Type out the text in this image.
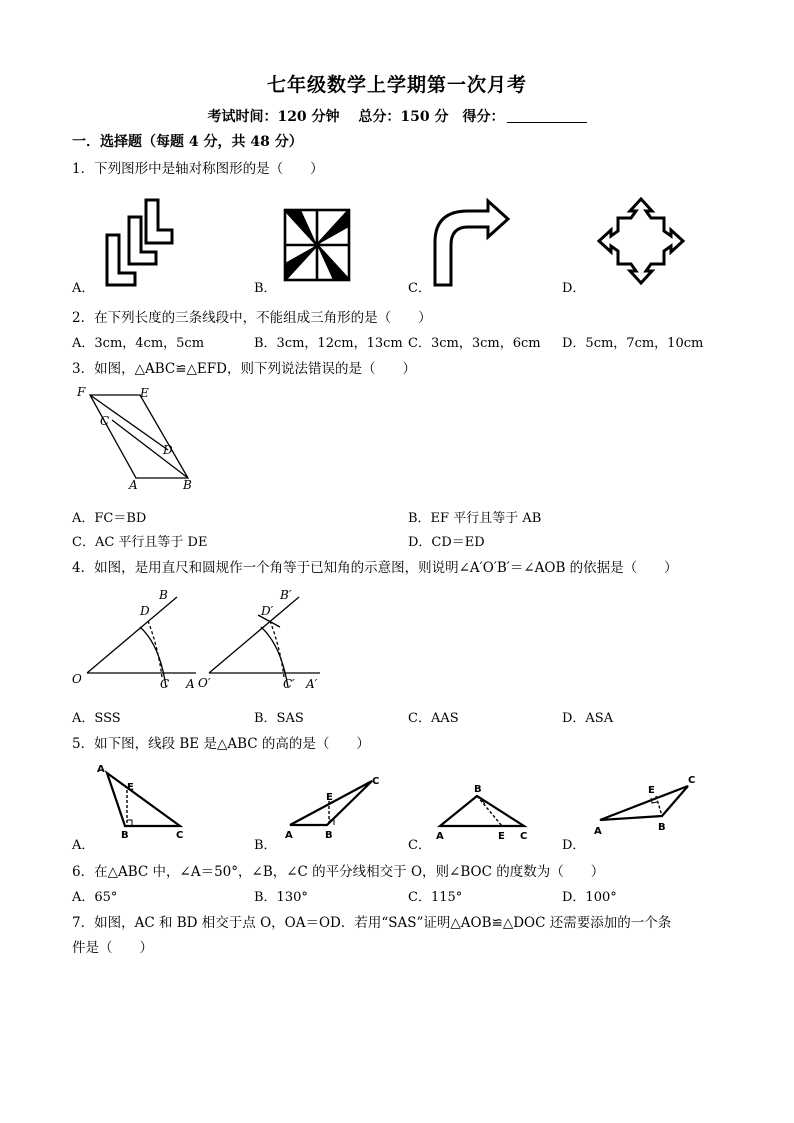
七年级数学上学期第一次月考
考试时间：120 分钟　 总分：150 分　得分：
一．选择题（每题 4 分，共 48 分）
1．下列图形中是轴对称图形的是（　　）
A．	B．	C．	D．
2．在下列长度的三条线段中，不能组成三角形的是（　　）
A．3cm，4cm，5cm	B．3cm，12cm，13cm C．3cm，3cm，6cm D．5cm，7cm，10cm
3．如图，△ABC≌△EFD，则下列说法错误的是（　　）
F	E
C
D
A	B
A．FC＝BD	B．EF 平行且等于 AB
C．AC 平行且等于 DE	D．CD＝ED
4．如图，是用直尺和圆规作一个角等于已知角的示意图，则说明∠A′O′B′＝∠AOB 的依据是（　　）
B
D
O	C A
B′
D′
O′	C′ A′
A．SSS	B．SAS	C．AAS	D．ASA
5．如下图，线段 BE 是△ABC 的高的是（　　）
A
E
B	C
A．
A
E
B
C
B．
A
B
E C
C．
A
E
B
C
D．
6．在△ABC 中，∠A＝50°，∠B，∠C 的平分线相交于 O，则∠BOC 的度数为（　　）
A．65°	B．130°	C．115°	D．100°
7．如图，AC 和 BD 相交于点 O，OA＝OD．若用“SAS”证明△AOB≌△DOC 还需要添加的一个条
件是（　　）
